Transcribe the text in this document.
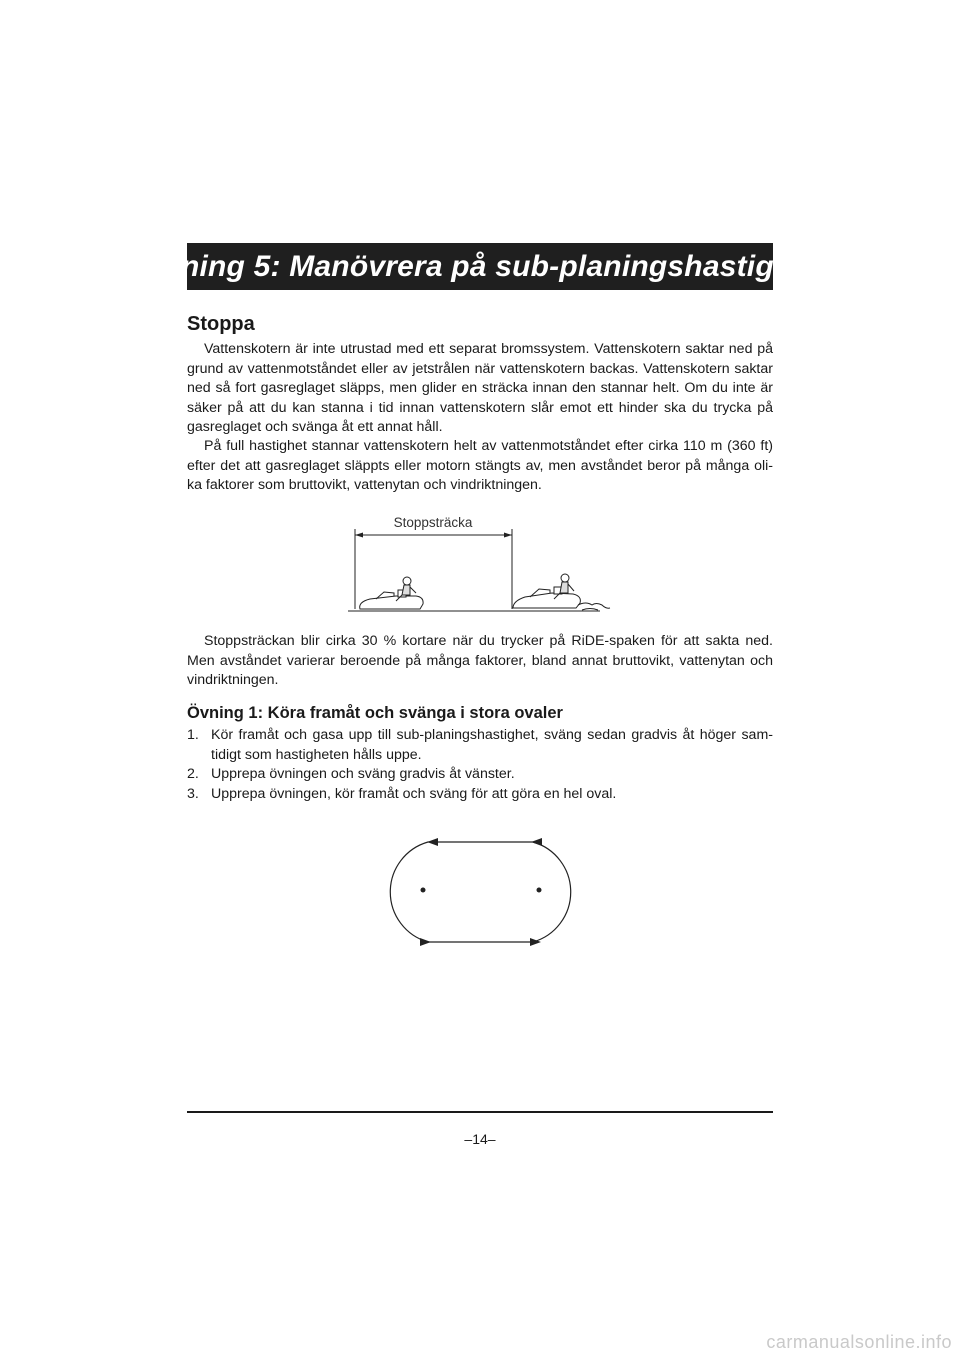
Övning 5: Manövrera på sub-planingshastighet
Stoppa

Vattenskotern är inte utrustad med ett separat bromssystem. Vattenskotern saktar ned på grund av vattenmotståndet eller av jetstrålen när vattenskotern backas. Vattenskotern saktar ned så fort gasreglaget släpps, men glider en sträcka innan den stannar helt. Om du inte är säker på att du kan stanna i tid innan vattenskotern slår emot ett hinder ska du trycka på gasreglaget och svänga åt ett annat håll.

På full hastighet stannar vattenskotern helt av vattenmotståndet efter cirka 110 m (360 ft) efter det att gasreglaget släppts eller motorn stängts av, men avståndet beror på många oli- ka faktorer som bruttovikt, vattenytan och vindriktningen.

Stoppsträcka

Stoppsträckan blir cirka 30 % kortare när du trycker på RiDE-spaken för att sakta ned. Men avståndet varierar beroende på många faktorer, bland annat bruttovikt, vattenytan och vindriktningen.

Övning 1: Köra framåt och svänga i stora ovaler
1. Kör framåt och gasa upp till sub-planingshastighet, sväng sedan gradvis åt höger sam- tidigt som hastigheten hålls uppe.
2. Upprepa övningen och sväng gradvis åt vänster.
3. Upprepa övningen, kör framåt och sväng för att göra en hel oval.
–14–
carmanualsonline.info
